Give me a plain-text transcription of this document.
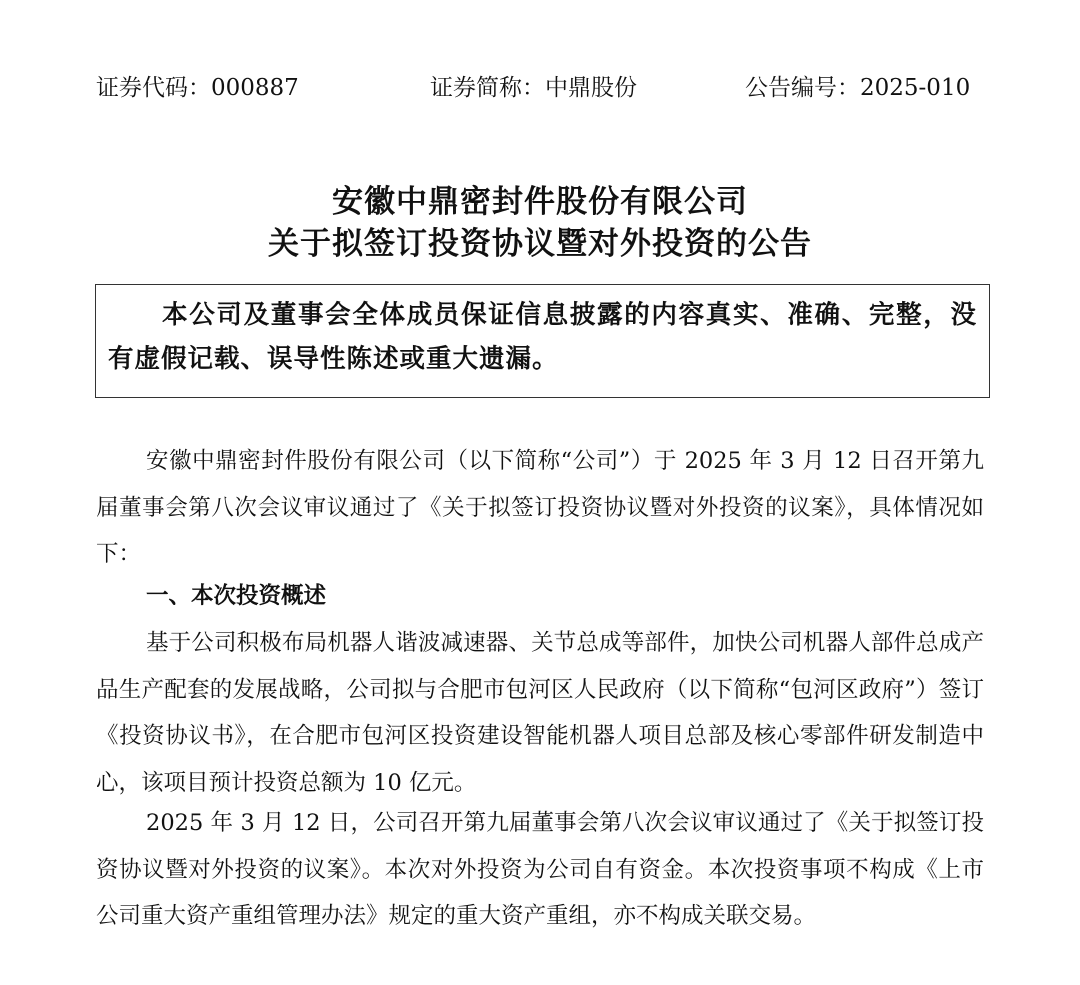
证券代码：000887	证券简称：中鼎股份	公告编号：2025-010
安徽中鼎密封件股份有限公司
关于拟签订投资协议暨对外投资的公告
本公司及董事会全体成员保证信息披露的内容真实、准确、完整，没有虚假记载、误导性陈述或重大遗漏。
安徽中鼎密封件股份有限公司（以下简称“公司”）于 2025 年 3 月 12 日召开第九届董事会第八次会议审议通过了《关于拟签订投资协议暨对外投资的议案》，具体情况如下：
一、本次投资概述
基于公司积极布局机器人谐波减速器、关节总成等部件，加快公司机器人部件总成产品生产配套的发展战略，公司拟与合肥市包河区人民政府（以下简称“包河区政府”）签订《投资协议书》，在合肥市包河区投资建设智能机器人项目总部及核心零部件研发制造中心，该项目预计投资总额为 10 亿元。
2025 年 3 月 12 日，公司召开第九届董事会第八次会议审议通过了《关于拟签订投资协议暨对外投资的议案》。本次对外投资为公司自有资金。本次投资事项不构成《上市公司重大资产重组管理办法》规定的重大资产重组，亦不构成关联交易。
